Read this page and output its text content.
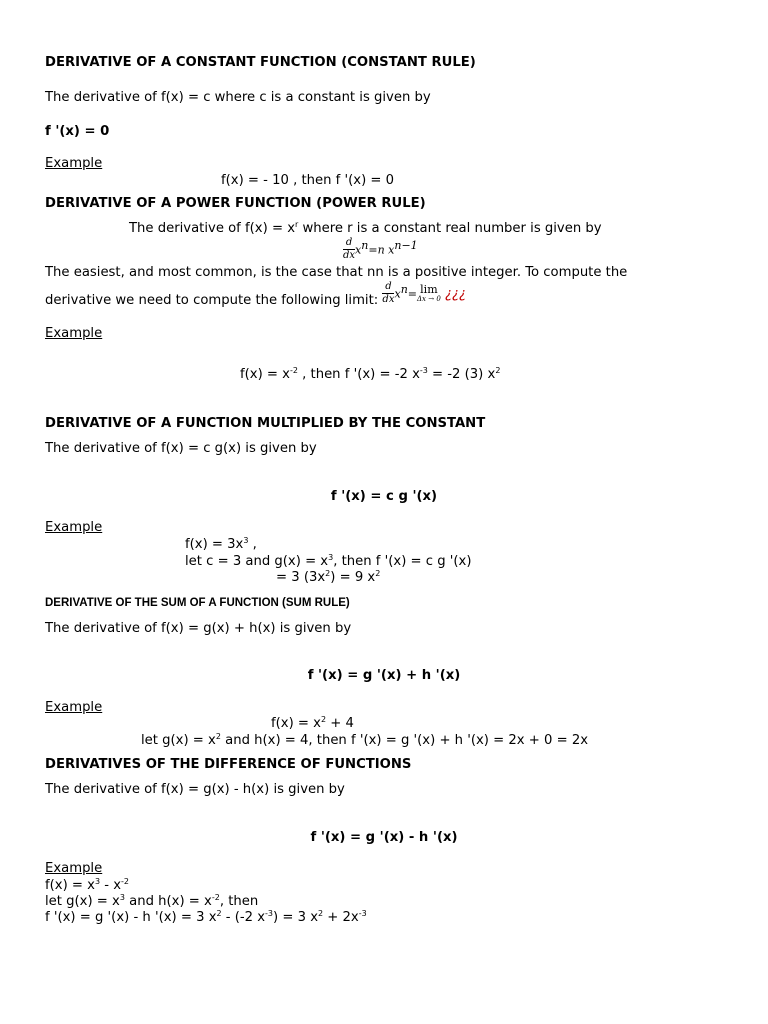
DERIVATIVE OF A CONSTANT FUNCTION (CONSTANT RULE)
The derivative of f(x) = c where c is a constant is given by
f '(x) = 0
Example
f(x) = - 10 , then f '(x) = 0
DERIVATIVE OF A POWER FUNCTION (POWER RULE)
The derivative of $f(x) = x^r$ where r is a constant real number is given by
$\frac{d}{dx} x^n=n$ $x^{n-1}$
The easiest, and most common, is the case that nn is a positive integer. To compute the
derivative we need to compute the following limit: $\frac{d}{dx} x^n= \lim$
Δx → 0 ¿¿¿
Example
$f(x) = x^{-2}$ , then f '(x) = -2 $x^{-3} = -2$ (3) $x^2$
DERIVATIVE OF A FUNCTION MULTIPLIED BY THE CONSTANT
The derivative of f(x) = c g(x) is given by
f '(x) = c g '(x)
Example
$f(x) = 3x^3$ ,
let c = 3 and $g(x) = x^3$, then f '(x) = c g '(x)
= 3 $(3x^2) = 9$ $x^2$
DERIVATIVE OF THE SUM OF A FUNCTION (SUM RULE)
The derivative of f(x) = g(x) + h(x) is given by
f '(x) = g '(x) + h '(x)
Example
$f(x) = x^2 + 4$
let $g(x) = x^2$ and h(x) = 4, then f '(x) = g '(x) + h '(x) = 2x + 0 = 2x
DERIVATIVES OF THE DIFFERENCE OF FUNCTIONS
The derivative of f(x) = g(x) - h(x) is given by
f '(x) = g '(x) - h '(x)
Example
$f(x) = x^3 - x^{-2}$
let $g(x) = x^3$ and $h(x) = x^{-2}$, then
f '(x) = g '(x) - h '(x) = 3 $x^2 - (-2$ $x^{-3}) = 3$ $x^2 + 2x^{-3}$
